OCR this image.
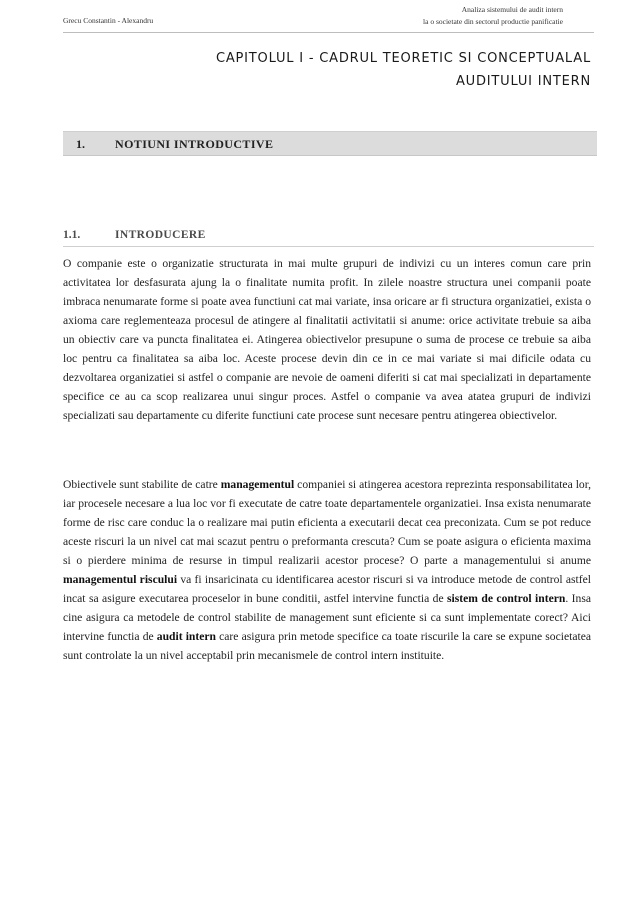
Grecu Constantin - Alexandru
Analiza sistemului de audit intern
la o societate din sectorul productie panificatie
CAPITOLUL I - CADRUL TEORETIC SI CONCEPTUALAL
AUDITULUI INTERN
1.	NOTIUNI INTRODUCTIVE
1.1.	INTRODUCERE

O companie este o organizatie structurata in mai multe grupuri de indivizi cu un interes comun care prin activitatea lor desfasurata ajung la o finalitate numita profit. In zilele noastre structura unei companii poate imbraca nenumarate forme si poate avea functiuni cat mai variate, insa oricare ar fi structura organizatiei, exista o axioma care reglementeaza procesul de atingere al finalitatii activitatii si anume: orice activitate trebuie sa aiba un obiectiv care va puncta finalitatea ei. Atingerea obiectivelor presupune o suma de procese ce trebuie sa aiba loc pentru ca finalitatea sa aiba loc. Aceste procese devin din ce in ce mai variate si mai dificile odata cu dezvoltarea organizatiei si astfel o companie are nevoie de oameni diferiti si cat mai specializati in departamente specifice ce au ca scop realizarea unui singur proces. Astfel o companie va avea atatea grupuri de indivizi specializati sau departamente cu diferite functiuni cate procese sunt necesare pentru atingerea obiectivelor.

Obiectivele sunt stabilite de catre managementul companiei si atingerea acestora reprezinta responsabilitatea lor, iar procesele necesare a lua loc vor fi executate de catre toate departamentele organizatiei. Insa exista nenumarate forme de risc care conduc la o realizare mai putin eficienta a executarii decat cea preconizata. Cum se pot reduce aceste riscuri la un nivel cat mai scazut pentru o preformanta crescuta? Cum se poate asigura o eficienta maxima si o pierdere minima de resurse in timpul realizarii acestor procese? O parte a managementului si anume managementul riscului va fi insaricinata cu identificarea acestor riscuri si va introduce metode de control astfel incat sa asigure executarea proceselor in bune conditii, astfel intervine functia de sistem de control intern. Insa cine asigura ca metodele de control stabilite de management sunt eficiente si ca sunt implementate corect? Aici intervine functia de audit intern care asigura prin metode specifice ca toate riscurile la care se expune societatea sunt controlate la un nivel acceptabil prin mecanismele de control intern instituite.
